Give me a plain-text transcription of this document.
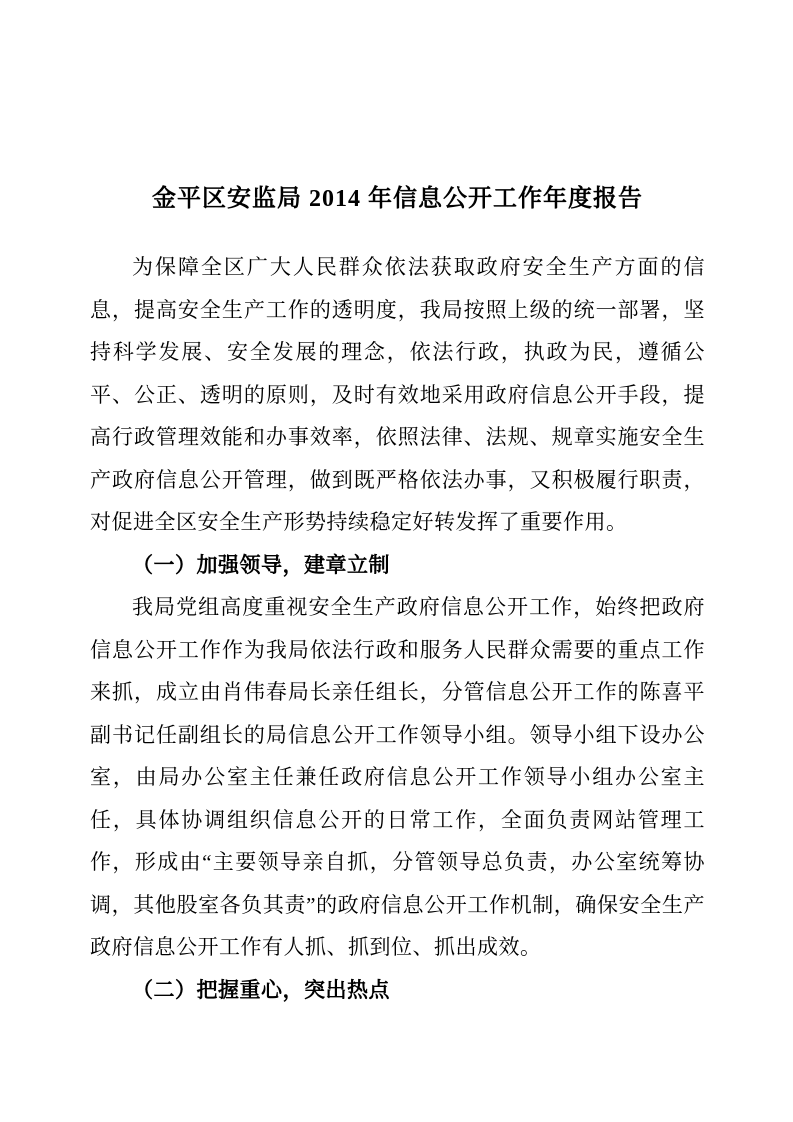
金平区安监局 2014 年信息公开工作年度报告

为保障全区广大人民群众依法获取政府安全生产方面的信息，提高安全生产工作的透明度，我局按照上级的统一部署，坚持科学发展、安全发展的理念，依法行政，执政为民，遵循公平、公正、透明的原则，及时有效地采用政府信息公开手段，提高行政管理效能和办事效率，依照法律、法规、规章实施安全生产政府信息公开管理，做到既严格依法办事，又积极履行职责，对促进全区安全生产形势持续稳定好转发挥了重要作用。

（一）加强领导，建章立制

我局党组高度重视安全生产政府信息公开工作，始终把政府信息公开工作作为我局依法行政和服务人民群众需要的重点工作来抓，成立由肖伟春局长亲任组长，分管信息公开工作的陈喜平副书记任副组长的局信息公开工作领导小组。领导小组下设办公室，由局办公室主任兼任政府信息公开工作领导小组办公室主任，具体协调组织信息公开的日常工作，全面负责网站管理工作，形成由“主要领导亲自抓，分管领导总负责，办公室统筹协调，其他股室各负其责”的政府信息公开工作机制，确保安全生产政府信息公开工作有人抓、抓到位、抓出成效。

（二）把握重心，突出热点
